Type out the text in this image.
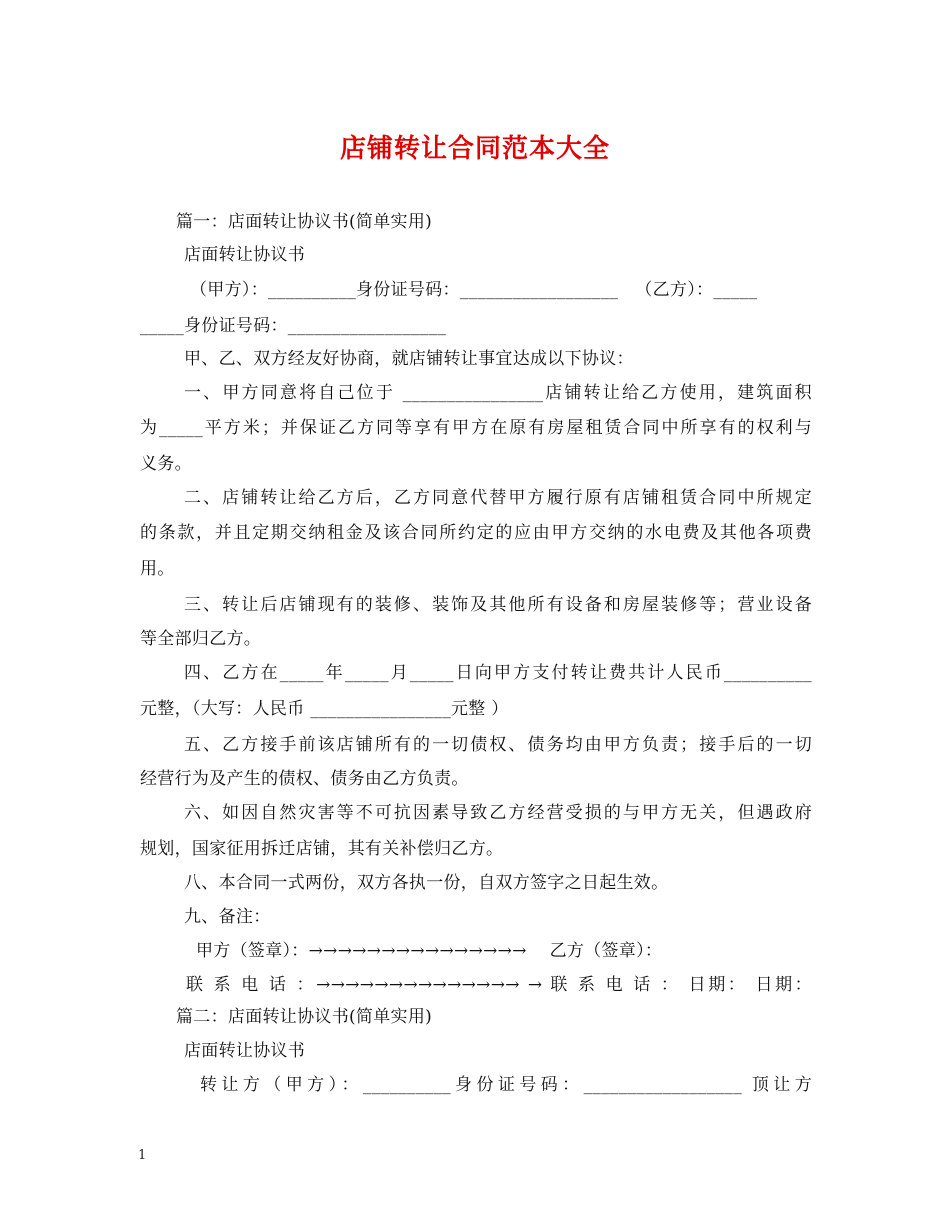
店铺转让合同范本大全
篇一：店面转让协议书(简单实用)
店面转让协议书
（甲方）：__________身份证号码：__________________   （乙方）：_____
_____身份证号码：__________________
甲、乙、双方经友好协商，就店铺转让事宜达成以下协议：
一、甲方同意将自己位于 ________________店铺转让给乙方使用，建筑面积
为_____平方米；并保证乙方同等享有甲方在原有房屋租赁合同中所享有的权利与
义务。
二、店铺转让给乙方后，乙方同意代替甲方履行原有店铺租赁合同中所规定
的条款，并且定期交纳租金及该合同所约定的应由甲方交纳的水电费及其他各项费
用。
三、转让后店铺现有的装修、装饰及其他所有设备和房屋装修等；营业设备
等全部归乙方。
四、乙方在_____年_____月_____日向甲方支付转让费共计人民币__________
元整，（大写：人民币 ________________元整 ）
五、乙方接手前该店铺所有的一切债权、债务均由甲方负责；接手后的一切
经营行为及产生的债权、债务由乙方负责。
六、如因自然灾害等不可抗因素导致乙方经营受损的与甲方无关，但遇政府
规划，国家征用拆迁店铺，其有关补偿归乙方。
八、本合同一式两份，双方各执一份，自双方签字之日起生效。
九、备注：
甲方（签章）：→→→→→→→→→→→→→→→    乙方（签章）：
联 系 电 话 ：→→→→→→→→→→→→→→ → 联 系 电 话 ： 日期： 日期：
篇二：店面转让协议书(简单实用)
店面转让协议书
转让方（甲方）：__________身份证号码：__________________ 顶让方
1
